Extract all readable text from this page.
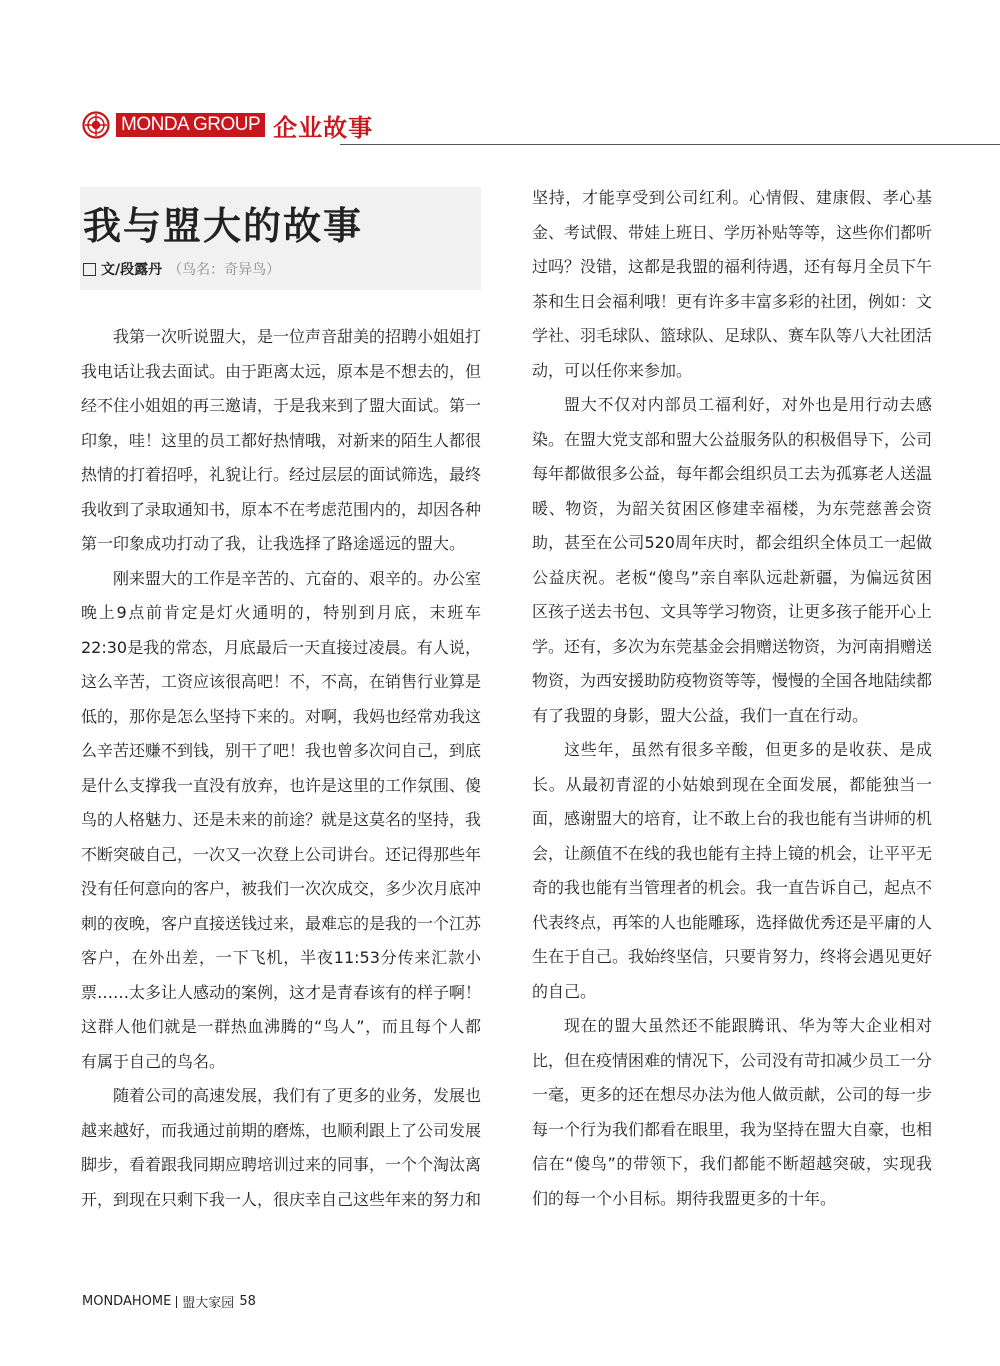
MONDA GROUP 企业故事
我与盟大的故事
文/段露丹 （鸟名：奇异鸟）

我第一次听说盟大，是一位声音甜美的招聘小姐姐打我电话让我去面试。由于距离太远，原本是不想去的，但经不住小姐姐的再三邀请，于是我来到了盟大面试。第一印象，哇！这里的员工都好热情哦，对新来的陌生人都很热情的打着招呼，礼貌让行。经过层层的面试筛选，最终我收到了录取通知书，原本不在考虑范围内的，却因各种第一印象成功打动了我，让我选择了路途遥远的盟大。

刚来盟大的工作是辛苦的、亢奋的、艰辛的。办公室晚上9点前肯定是灯火通明的，特别到月底，末班车22:30是我的常态，月底最后一天直接过凌晨。有人说，这么辛苦，工资应该很高吧！不，不高，在销售行业算是低的，那你是怎么坚持下来的。对啊，我妈也经常劝我这么辛苦还赚不到钱，别干了吧！我也曾多次问自己，到底是什么支撑我一直没有放弃，也许是这里的工作氛围、傻鸟的人格魅力、还是未来的前途？就是这莫名的坚持，我不断突破自己，一次又一次登上公司讲台。还记得那些年没有任何意向的客户，被我们一次次成交，多少次月底冲刺的夜晚，客户直接送钱过来，最难忘的是我的一个江苏客户，在外出差，一下飞机，半夜11:53分传来汇款小票……太多让人感动的案例，这才是青春该有的样子啊！这群人他们就是一群热血沸腾的“鸟人”，而且每个人都有属于自己的鸟名。

随着公司的高速发展，我们有了更多的业务，发展也越来越好，而我通过前期的磨炼，也顺利跟上了公司发展脚步，看着跟我同期应聘培训过来的同事，一个个淘汰离开，到现在只剩下我一人，很庆幸自己这些年来的努力和

坚持，才能享受到公司红利。心情假、建康假、孝心基金、考试假、带娃上班日、学历补贴等等，这些你们都听过吗？没错，这都是我盟的福利待遇，还有每月全员下午茶和生日会福利哦！更有许多丰富多彩的社团，例如：文学社、羽毛球队、篮球队、足球队、赛车队等八大社团活动，可以任你来参加。

盟大不仅对内部员工福利好，对外也是用行动去感染。在盟大党支部和盟大公益服务队的积极倡导下，公司每年都做很多公益，每年都会组织员工去为孤寡老人送温暖、物资，为韶关贫困区修建幸福楼，为东莞慈善会资助，甚至在公司520周年庆时，都会组织全体员工一起做公益庆祝。老板“傻鸟”亲自率队远赴新疆，为偏远贫困区孩子送去书包、文具等学习物资，让更多孩子能开心上学。还有，多次为东莞基金会捐赠送物资，为河南捐赠送物资，为西安援助防疫物资等等，慢慢的全国各地陆续都有了我盟的身影，盟大公益，我们一直在行动。

这些年，虽然有很多辛酸，但更多的是收获、是成长。从最初青涩的小姑娘到现在全面发展，都能独当一面，感谢盟大的培育，让不敢上台的我也能有当讲师的机会，让颜值不在线的我也能有主持上镜的机会，让平平无奇的我也能有当管理者的机会。我一直告诉自己，起点不代表终点，再笨的人也能雕琢，选择做优秀还是平庸的人生在于自己。我始终坚信，只要肯努力，终将会遇见更好的自己。

现在的盟大虽然还不能跟腾讯、华为等大企业相对比，但在疫情困难的情况下，公司没有苛扣减少员工一分一毫，更多的还在想尽办法为他人做贡献，公司的每一步每一个行为我们都看在眼里，我为坚持在盟大自豪，也相信在“傻鸟”的带领下，我们都能不断超越突破，实现我们的每一个小目标。期待我盟更多的十年。

MONDAHOME 盟大家园 58
